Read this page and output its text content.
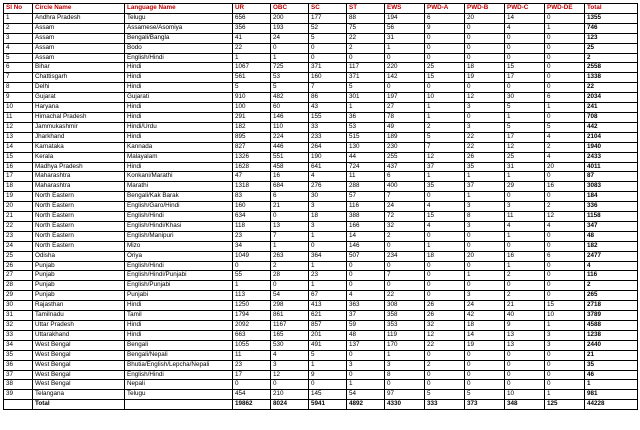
Sl No	Circle Name	Language Name	UR	OBC	SC	ST	EWS	PWD-A	PWD-B	PWD-C	PWD-DE	Total
1	Andhra Pradesh	Telugu	656	200	177	88	194	6	20	14	0	1355
2	Assam	Assamese/Asomiya	356	193	52	75	56	9	0	4	1	746
3	Assam	Bengali/Bangla	41	24	5	22	31	0	0	0	0	123
4	Assam	Bodo	22	0	0	2	1	0	0	0	0	25
5	Assam	English/Hindi	1	1	0	0	0	0	0	0	0	2
6	Bihar	Hindi	1067	725	371	117	220	25	18	15	0	2558
7	Chattisgarh	Hindi	561	53	160	371	142	15	19	17	0	1338
8	Delhi	Hindi	5	5	7	5	0	0	0	0	0	22
9	Gujarat	Gujarati	910	482	86	301	197	10	12	30	6	2034
10	Haryana	Hindi	100	60	43	1	27	1	3	5	1	241
11	Himachal Pradesh	Hindi	291	146	155	36	78	1	0	1	0	708
12	Jammukashmir	Hindi/Urdu	182	110	33	53	49	2	3	5	5	442
13	Jharkhand	Hindi	895	224	233	515	189	5	22	17	4	2104
14	Karnataka	Kannada	827	446	264	130	230	7	22	12	2	1940
15	Kerala	Malayalam	1326	551	190	44	255	12	26	25	4	2433
16	Madhya Pradesh	Hindi	1628	458	641	724	437	37	35	31	20	4011
17	Maharashtra	Konkani/Marathi	47	16	4	11	6	1	1	1	0	87
18	Maharashtra	Marathi	1318	684	276	288	400	35	37	29	16	3083
19	North Eastern	Bengali/Kak Barak	83	6	30	57	7	0	1	0	0	184
20	North Eastern	English/Garo/Hindi	160	21	3	116	24	4	3	3	2	336
21	North Eastern	English/Hindi	634	0	18	388	72	15	8	11	12	1158
22	North Eastern	English/Hindi/Khasi	118	13	3	166	32	4	3	4	4	347
23	North Eastern	English/Manipuri	23	7	1	14	2	0	0	1	0	48
24	North Eastern	Mizo	34	1	0	146	0	1	0	0	0	182
25	Odisha	Oriya	1049	263	364	507	234	18	20	16	6	2477
26	Punjab	English/Hindi	0	2	1	0	0	0	0	1	0	4
27	Punjab	English/Hindi/Punjabi	55	28	23	0	7	0	1	2	0	116
28	Punjab	English/Punjabi	1	0	1	0	0	0	0	0	0	2
29	Punjab	Punjabi	113	54	67	4	22	0	3	2	0	265
30	Rajasthan	Hindi	1250	298	413	363	308	26	24	21	15	2718
31	Tamilnadu	Tamil	1794	861	621	37	358	26	42	40	10	3789
32	Uttar Pradesh	Hindi	2092	1167	857	59	353	32	18	9	1	4588
33	Uttarakhand	Hindi	663	165	201	48	119	12	14	13	3	1238
34	West Bengal	Bengali	1055	530	491	137	170	22	19	13	3	2440
35	West Bengal	Bengali/Nepali	11	4	5	0	1	0	0	0	0	21
36	West Bengal	Bhutia/English/Lepcha/Nepali	23	3	1	3	3	2	0	0	0	35
37	West Bengal	English/Hindi	17	12	9	0	8	0	0	0	0	46
38	West Bengal	Nepali	0	0	0	1	0	0	0	0	0	1
39	Telangana	Telugu	454	210	145	54	97	5	5	10	1	981
	Total		19862	8024	5941	4892	4330	333	373	348	125	44228
